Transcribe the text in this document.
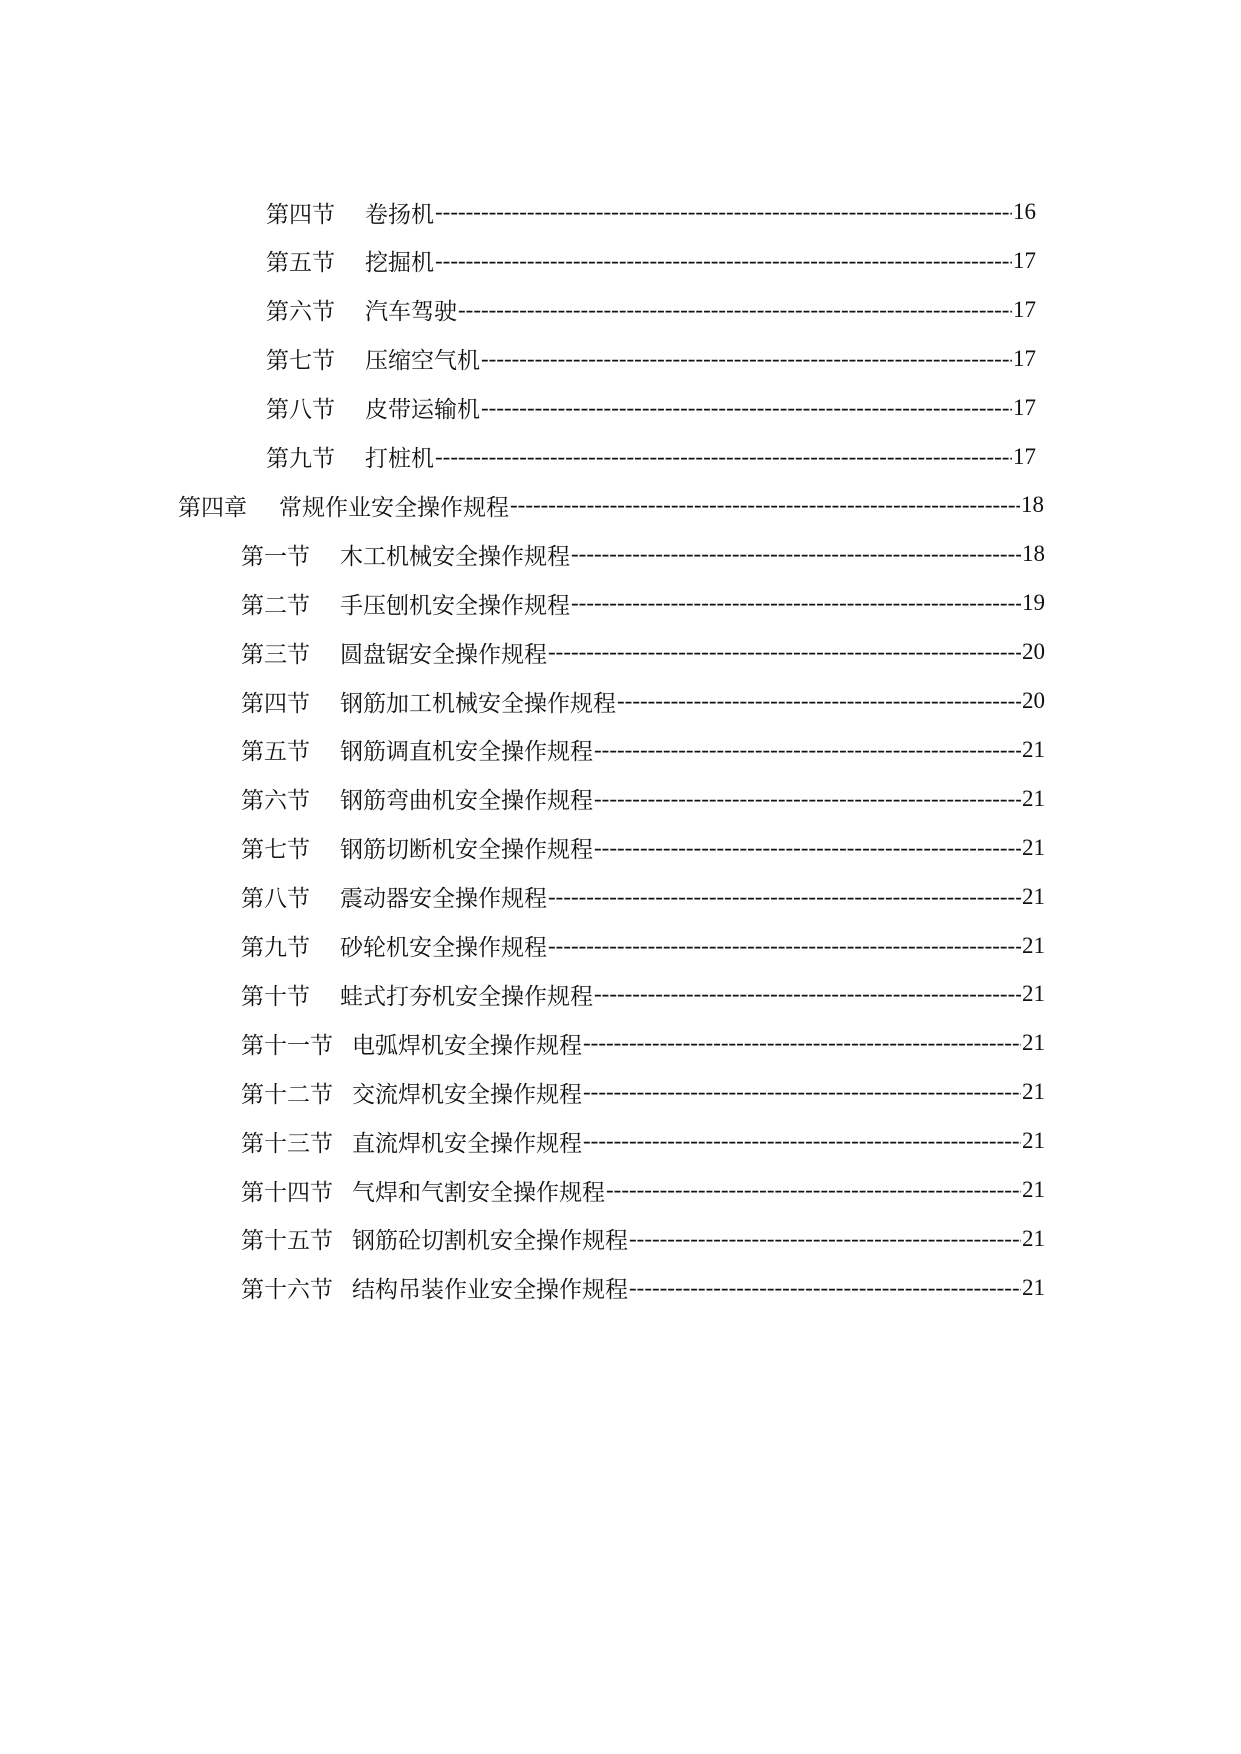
第四节	卷扬机 -----	16
第五节	挖掘机 -----	17
第六节	汽车驾驶 -----	17
第七节	压缩空气机 -----	17
第八节	皮带运输机 -----	17
第九节	打桩机 -----	17
第四章	常规作业安全操作规程 -----	18
第一节	木工机械安全操作规程 -----	18
第二节	手压刨机安全操作规程 -----	19
第三节	圆盘锯安全操作规程 -----	20
第四节	钢筋加工机械安全操作规程 -----	20
第五节	钢筋调直机安全操作规程 -----	21
第六节	钢筋弯曲机安全操作规程 -----	21
第七节	钢筋切断机安全操作规程 -----	21
第八节	震动器安全操作规程 -----	21
第九节	砂轮机安全操作规程 -----	21
第十节	蛙式打夯机安全操作规程 -----	21
第十一节 电弧焊机安全操作规程 -----	21
第十二节 交流焊机安全操作规程 -----	21
第十三节 直流焊机安全操作规程 -----	21
第十四节 气焊和气割安全操作规程 -----	21
第十五节 钢筋砼切割机安全操作规程 -----	21
第十六节 结构吊装作业安全操作规程 -----	21
